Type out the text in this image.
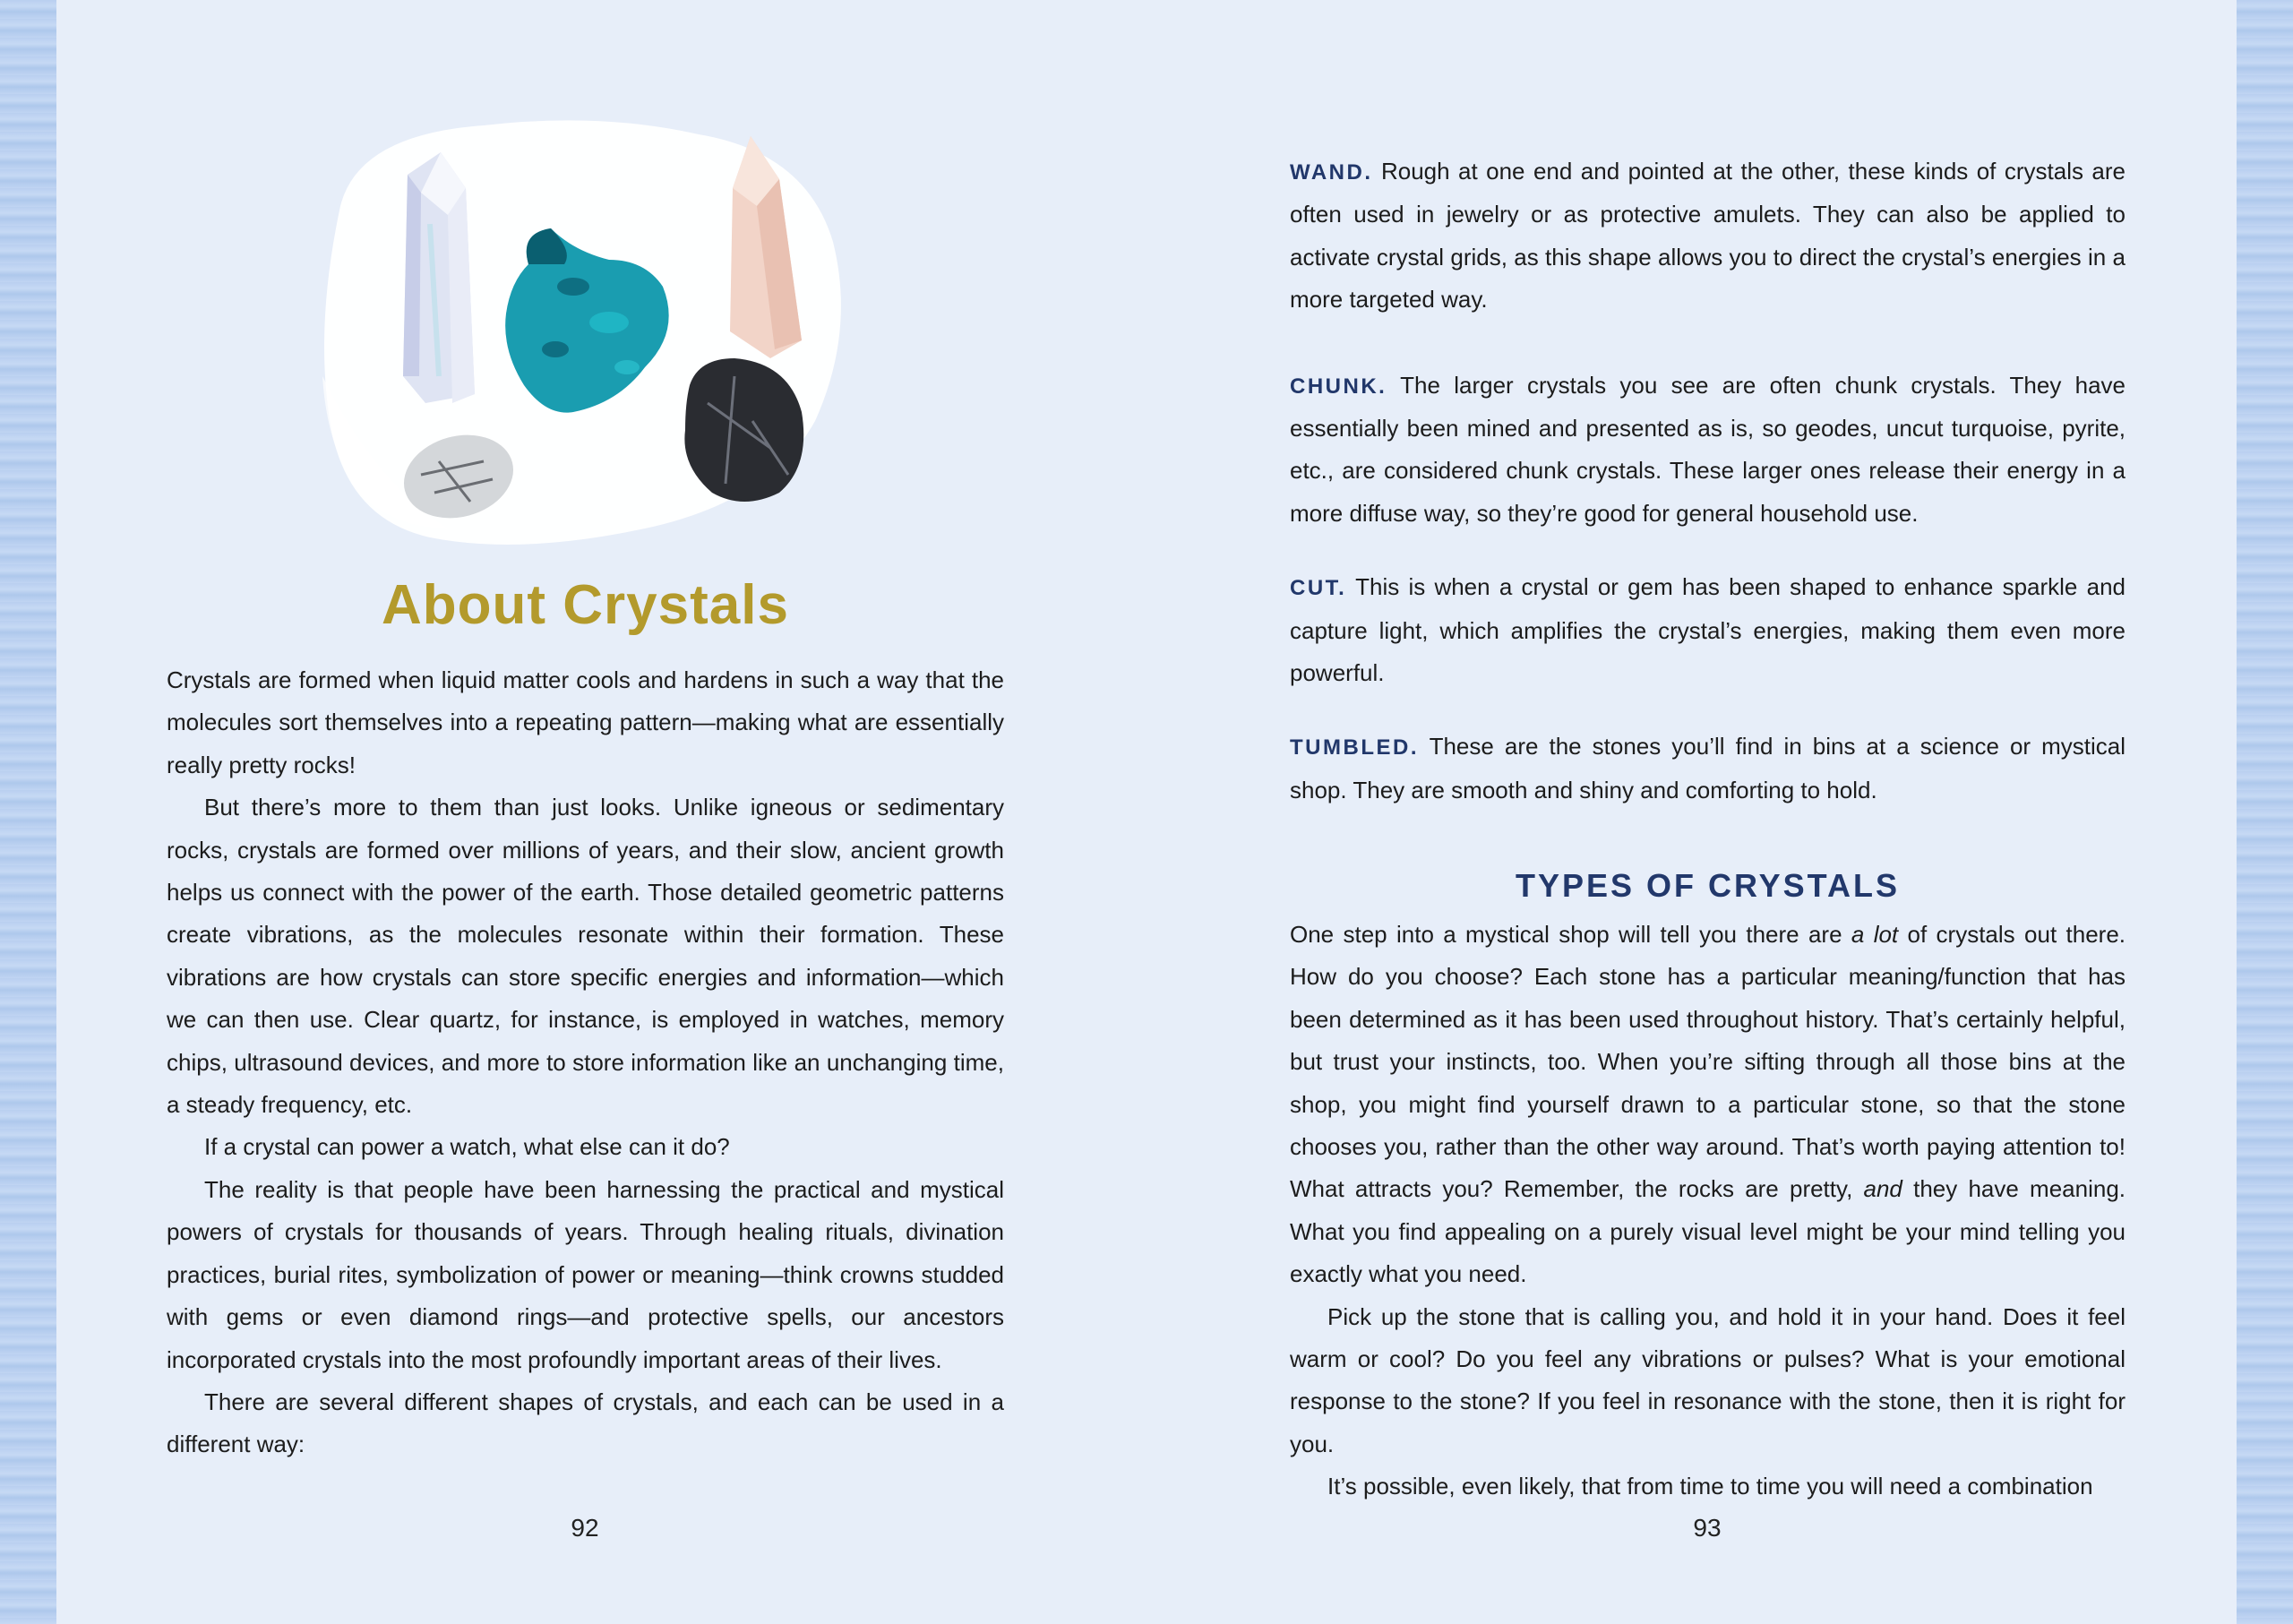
About Crystals

Crystals are formed when liquid matter cools and hardens in such a way that the molecules sort themselves into a repeating pattern—making what are essentially really pretty rocks!

But there’s more to them than just looks. Unlike igneous or sedimentary rocks, crystals are formed over millions of years, and their slow, ancient growth helps us connect with the power of the earth. Those detailed geometric patterns create vibrations, as the molecules resonate within their formation. These vibrations are how crystals can store specific energies and information—which we can then use. Clear quartz, for instance, is employed in watches, memory chips, ultrasound devices, and more to store information like an unchanging time, a steady frequency, etc.

If a crystal can power a watch, what else can it do?

The reality is that people have been harnessing the practical and mystical powers of crystals for thousands of years. Through healing rituals, divination practices, burial rites, symbolization of power or meaning—think crowns studded with gems or even diamond rings—and protective spells, our ancestors incorporated crystals into the most profoundly important areas of their lives.

There are several different shapes of crystals, and each can be used in a different way:

92

WAND. Rough at one end and pointed at the other, these kinds of crystals are often used in jewelry or as protective amulets. They can also be applied to activate crystal grids, as this shape allows you to direct the crystal’s energies in a more targeted way.

CHUNK. The larger crystals you see are often chunk crystals. They have essentially been mined and presented as is, so geodes, uncut turquoise, pyrite, etc., are considered chunk crystals. These larger ones release their energy in a more diffuse way, so they’re good for general household use.

CUT. This is when a crystal or gem has been shaped to enhance sparkle and capture light, which amplifies the crystal’s energies, making them even more powerful.

TUMBLED. These are the stones you’ll find in bins at a science or mystical shop. They are smooth and shiny and comforting to hold.

TYPES OF CRYSTALS

One step into a mystical shop will tell you there are a lot of crystals out there. How do you choose? Each stone has a particular meaning/function that has been determined as it has been used throughout history. That’s certainly helpful, but trust your instincts, too. When you’re sifting through all those bins at the shop, you might find yourself drawn to a particular stone, so that the stone chooses you, rather than the other way around. That’s worth paying attention to! What attracts you? Remember, the rocks are pretty, and they have meaning. What you find appealing on a purely visual level might be your mind telling you exactly what you need.

Pick up the stone that is calling you, and hold it in your hand. Does it feel warm or cool? Do you feel any vibrations or pulses? What is your emotional response to the stone? If you feel in resonance with the stone, then it is right for you.

It’s possible, even likely, that from time to time you will need a combination

93
